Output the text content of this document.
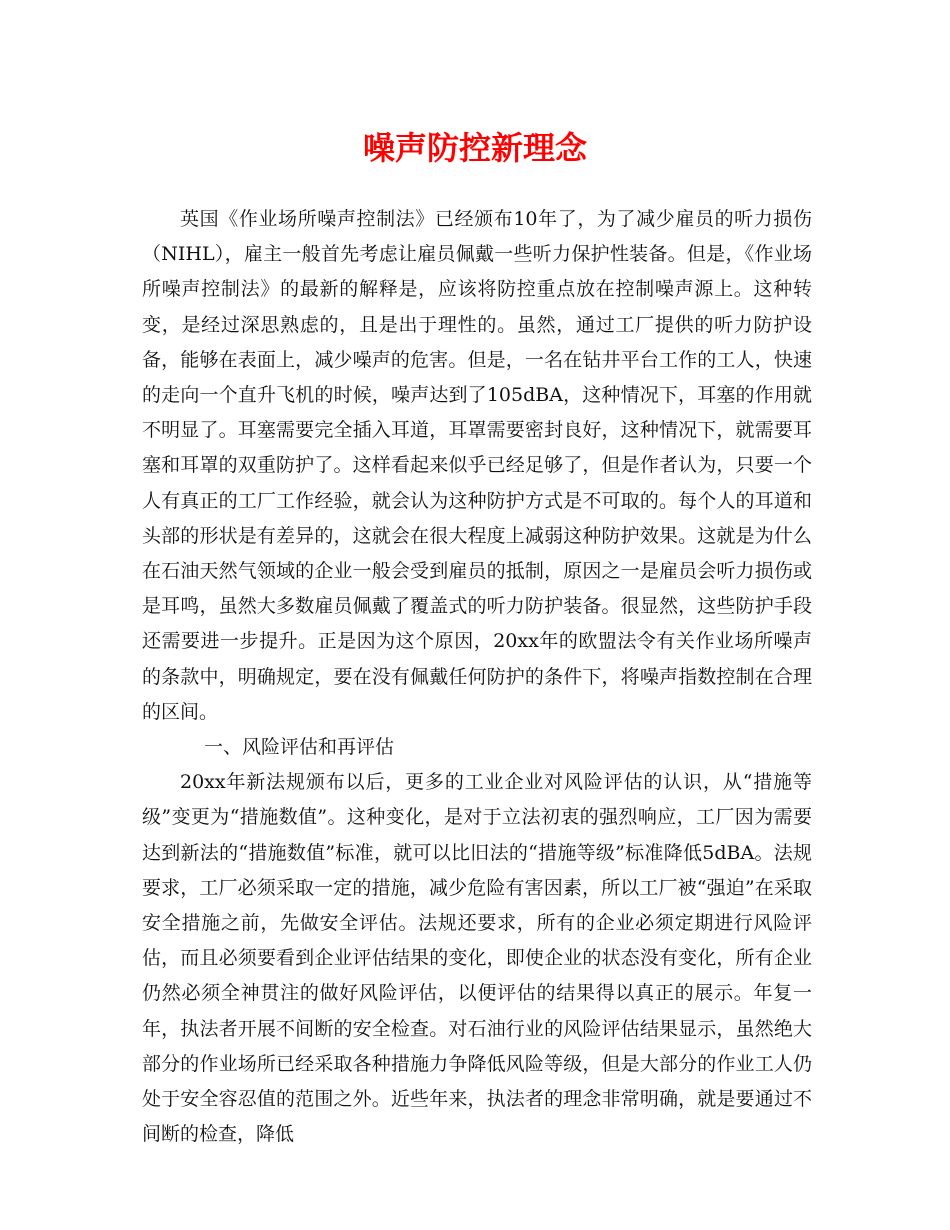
噪声防控新理念

英国《作业场所噪声控制法》已经颁布10年了，为了减少雇员的听力损伤（NIHL），雇主一般首先考虑让雇员佩戴一些听力保护性装备。但是，《作业场所噪声控制法》的最新的解释是，应该将防控重点放在控制噪声源上。这种转变，是经过深思熟虑的，且是出于理性的。虽然，通过工厂提供的听力防护设备，能够在表面上，减少噪声的危害。但是，一名在钻井平台工作的工人，快速的走向一个直升飞机的时候，噪声达到了105dBA，这种情况下，耳塞的作用就不明显了。耳塞需要完全插入耳道，耳罩需要密封良好，这种情况下，就需要耳塞和耳罩的双重防护了。这样看起来似乎已经足够了，但是作者认为，只要一个人有真正的工厂工作经验，就会认为这种防护方式是不可取的。每个人的耳道和头部的形状是有差异的，这就会在很大程度上减弱这种防护效果。这就是为什么在石油天然气领域的企业一般会受到雇员的抵制，原因之一是雇员会听力损伤或是耳鸣，虽然大多数雇员佩戴了覆盖式的听力防护装备。很显然，这些防护手段还需要进一步提升。正是因为这个原因，20xx年的欧盟法令有关作业场所噪声的条款中，明确规定，要在没有佩戴任何防护的条件下，将噪声指数控制在合理的区间。

一、风险评估和再评估

20xx年新法规颁布以后，更多的工业企业对风险评估的认识，从“措施等级”变更为“措施数值”。这种变化，是对于立法初衷的强烈响应，工厂因为需要达到新法的“措施数值”标准，就可以比旧法的“措施等级”标准降低5dBA。法规要求，工厂必须采取一定的措施，减少危险有害因素，所以工厂被“强迫”在采取安全措施之前，先做安全评估。法规还要求，所有的企业必须定期进行风险评估，而且必须要看到企业评估结果的变化，即使企业的状态没有变化，所有企业仍然必须全神贯注的做好风险评估，以便评估的结果得以真正的展示。年复一年，执法者开展不间断的安全检查。对石油行业的风险评估结果显示，虽然绝大部分的作业场所已经采取各种措施力争降低风险等级，但是大部分的作业工人仍处于安全容忍值的范围之外。近些年来，执法者的理念非常明确，就是要通过不间断的检查，降低
